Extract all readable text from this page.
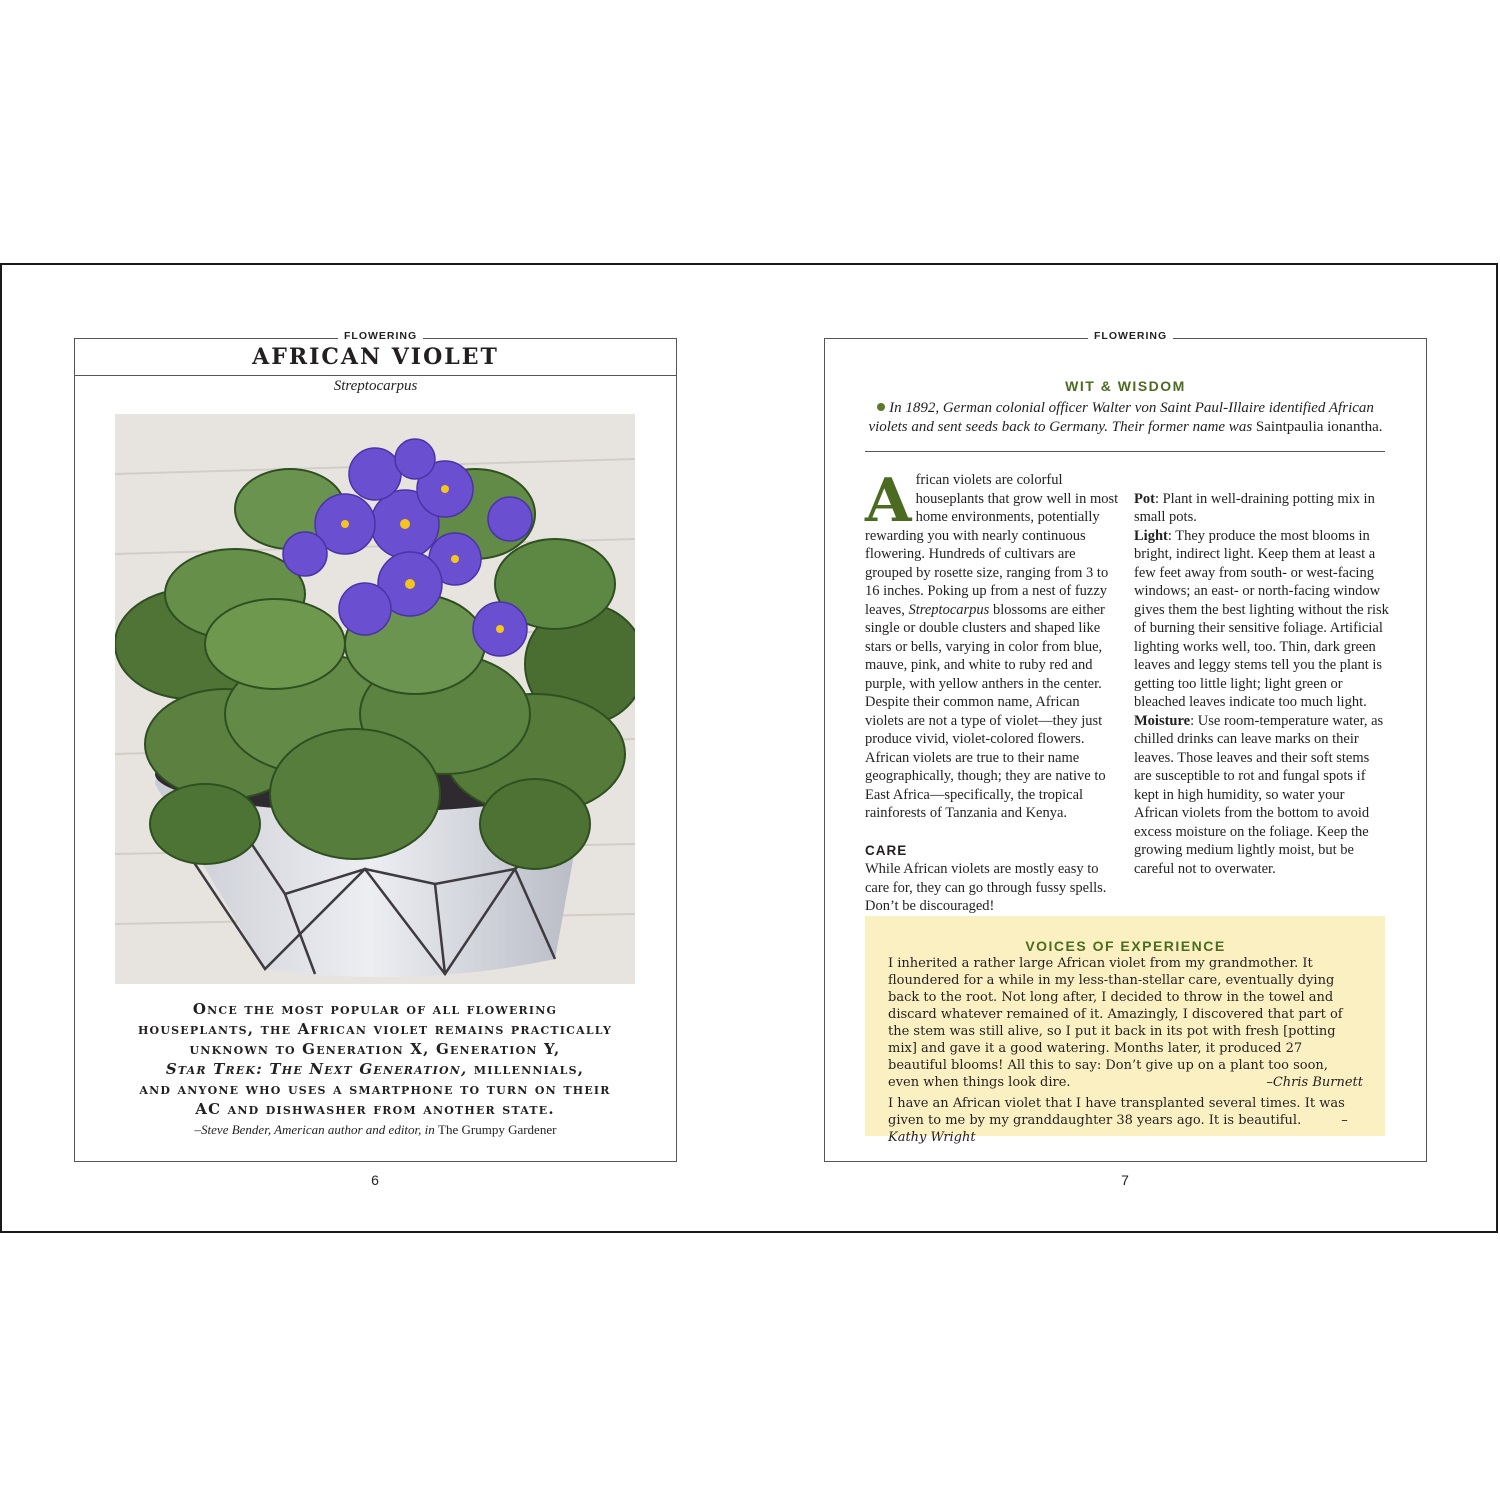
AFRICAN VIOLET
FLOWERING
Streptocarpus
Once the most popular of all flowering
houseplants, the African violet remains practically
unknown to Generation X, Generation Y,
Star Trek: The Next Generation, millennials,
and anyone who uses a smartphone to turn on their
AC and dishwasher from another state.
–Steve Bender, American author and editor, in The Grumpy Gardener
6
FLOWERING
WIT & WISDOM
In 1892, German colonial officer Walter von Saint Paul-Illaire identified African violets and sent seeds back to Germany. Their former name was Saintpaulia ionantha.

African violets are colorful houseplants that grow well in most home environments, potentially rewarding you with nearly continuous flowering. Hundreds of cultivars are grouped by rosette size, ranging from 3 to 16 inches. Poking up from a nest of fuzzy leaves, Streptocarpus blossoms are either single or double clusters and shaped like stars or bells, varying in color from blue, mauve, pink, and white to ruby red and purple, with yellow anthers in the center. Despite their common name, African violets are not a type of violet—they just produce vivid, violet-colored flowers. African violets are true to their name geographically, though; they are native to East Africa—specifically, the tropical rainforests of Tanzania and Kenya.

CARE

While African violets are mostly easy to care for, they can go through fussy spells. Don’t be discouraged!

Pot: Plant in well-draining potting mix in small pots.

Light: They produce the most blooms in bright, indirect light. Keep them at least a few feet away from south- or west-facing windows; an east- or north-facing window gives them the best lighting without the risk of burning their sensitive foliage. Artificial lighting works well, too. Thin, dark green leaves and leggy stems tell you the plant is getting too little light; light green or bleached leaves indicate too much light.

Moisture: Use room-temperature water, as chilled drinks can leave marks on their leaves. Those leaves and their soft stems are susceptible to rot and fungal spots if kept in high humidity, so water your African violets from the bottom to avoid excess moisture on the foliage. Keep the growing medium lightly moist, but be careful not to overwater.

VOICES OF EXPERIENCE

I inherited a rather large African violet from my grandmother. It floundered for a while in my less-than-stellar care, eventually dying back to the root. Not long after, I decided to throw in the towel and discard whatever remained of it. Amazingly, I discovered that part of the stem was still alive, so I put it back in its pot with fresh [potting mix] and gave it a good watering. Months later, it produced 27 beautiful blooms! All this to say: Don’t give up on a plant too soon, even when things look dire.	–Chris Burnett

I have an African violet that I have transplanted several times. It was given to me by my granddaughter 38 years ago. It is beautiful.	–Kathy Wright

7
